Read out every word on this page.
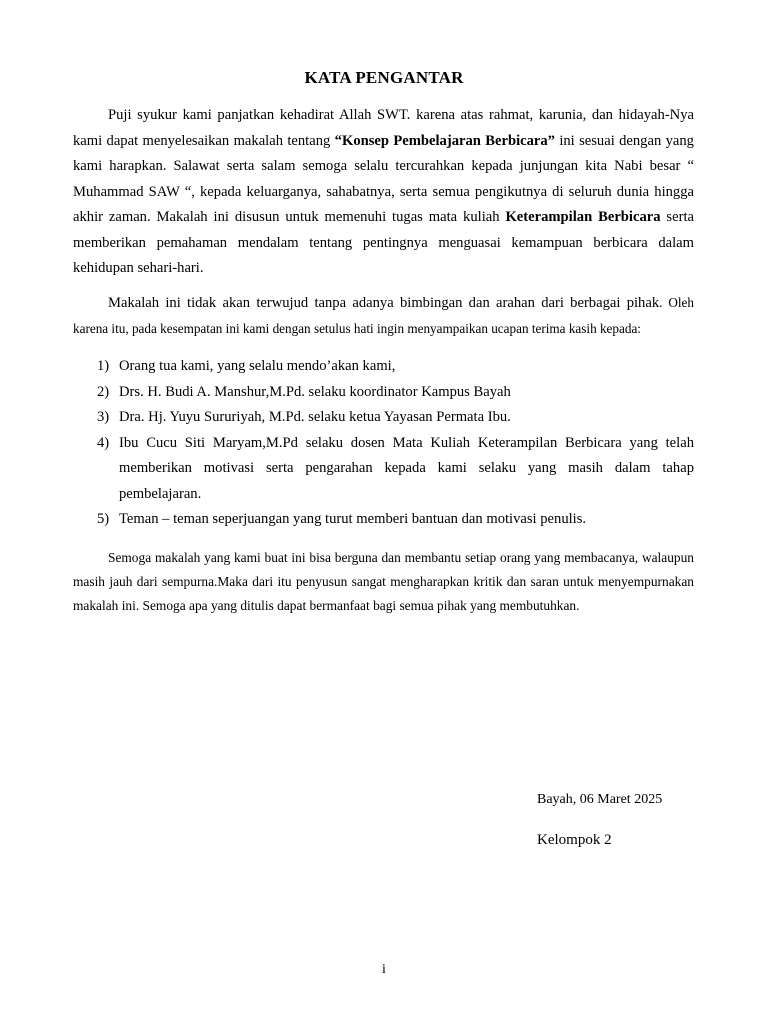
KATA PENGANTAR

Puji syukur kami panjatkan kehadirat Allah SWT. karena atas rahmat, karunia, dan hidayah-Nya kami dapat menyelesaikan makalah tentang “Konsep Pembelajaran Berbicara” ini sesuai dengan yang kami harapkan. Salawat serta salam semoga selalu tercurahkan kepada junjungan kita Nabi besar “ Muhammad SAW “, kepada keluarganya, sahabatnya, serta semua pengikutnya di seluruh dunia hingga akhir zaman. Makalah ini disusun untuk memenuhi tugas mata kuliah Keterampilan Berbicara serta memberikan pemahaman mendalam tentang pentingnya menguasai kemampuan berbicara dalam kehidupan sehari-hari.

Makalah ini tidak akan terwujud tanpa adanya bimbingan dan arahan dari berbagai pihak. Oleh karena itu, pada kesempatan ini kami dengan setulus hati ingin menyampaikan ucapan terima kasih kepada:

1) Orang tua kami, yang selalu mendo’akan kami,
2) Drs. H. Budi A. Manshur,M.Pd. selaku koordinator Kampus Bayah
3) Dra. Hj. Yuyu Sururiyah, M.Pd. selaku ketua Yayasan Permata Ibu.
4) Ibu Cucu Siti Maryam,M.Pd selaku dosen Mata Kuliah Keterampilan Berbicara yang telah memberikan motivasi serta pengarahan kepada kami selaku yang masih dalam tahap pembelajaran.
5) Teman – teman seperjuangan yang turut memberi bantuan dan motivasi penulis.

Semoga makalah yang kami buat ini bisa berguna dan membantu setiap orang yang membacanya, walaupun masih jauh dari sempurna.Maka dari itu penyusun sangat mengharapkan kritik dan saran untuk menyempurnakan makalah ini. Semoga apa yang ditulis dapat bermanfaat bagi semua pihak yang membutuhkan.

Bayah, 06 Maret 2025
Kelompok 2
i
